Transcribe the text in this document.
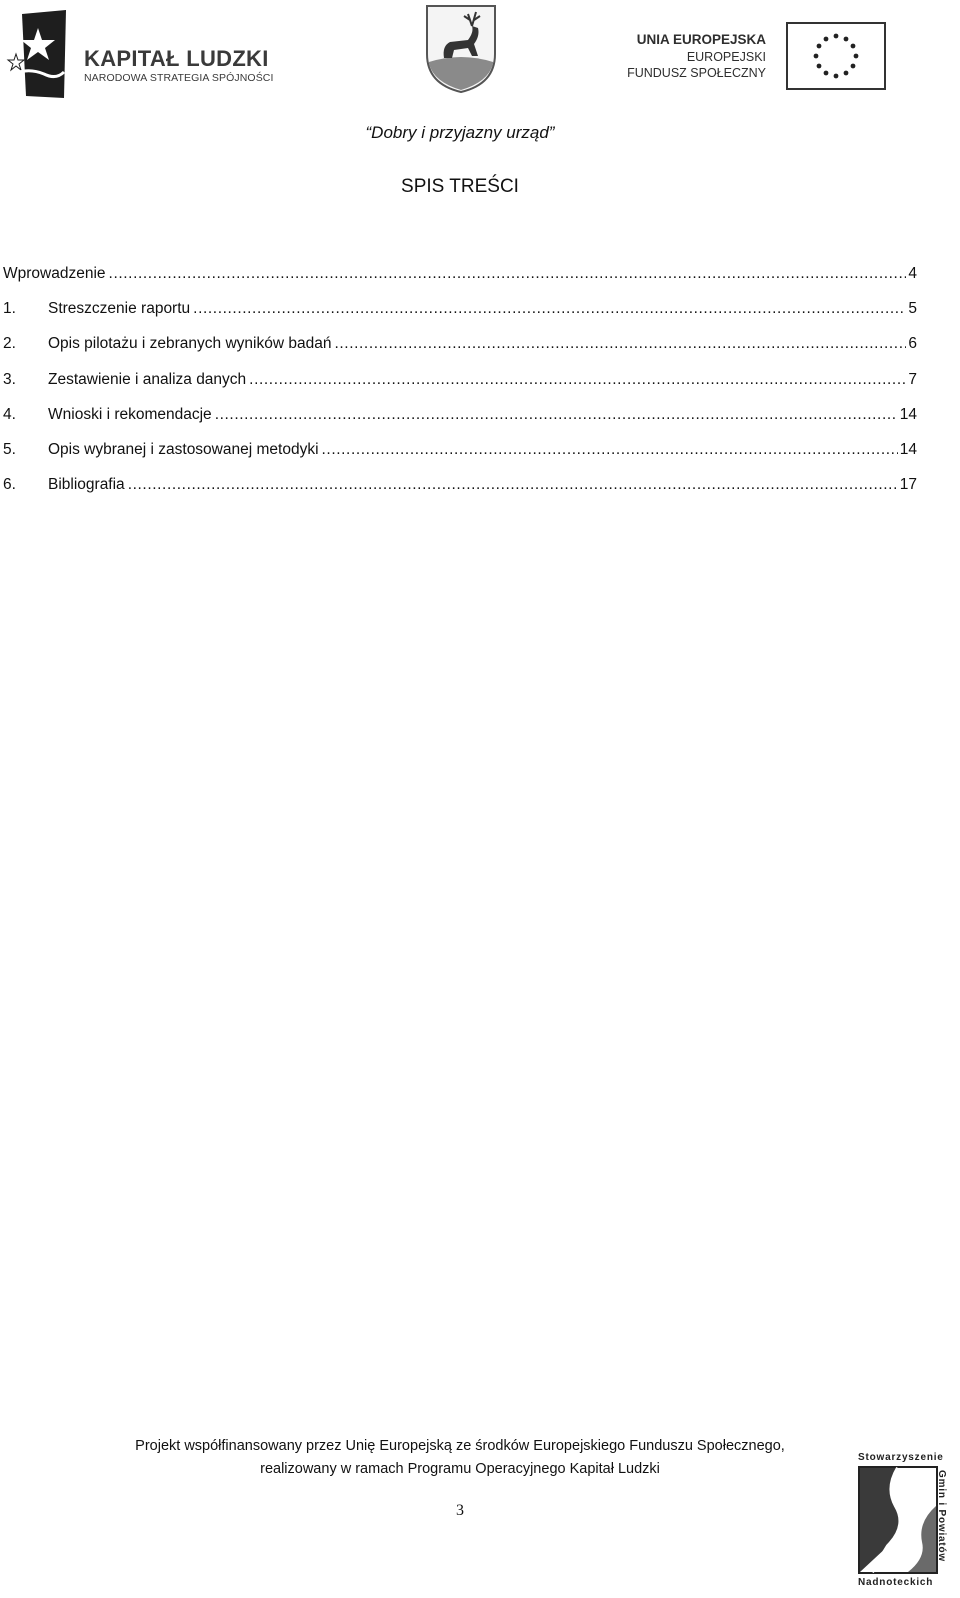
KAPITAŁ LUDZKI
NARODOWA STRATEGIA SPÓJNOŚCI
UNIA EUROPEJSKA
EUROPEJSKI
FUNDUSZ SPOŁECZNY
“Dobry i przyjazny urząd”
SPIS TREŚCI
Wprowadzenie .....	4
1.	Streszczenie raportu .....	5
2.	Opis pilotażu i zebranych wyników badań .....	6
3.	Zestawienie i analiza danych .....	7
4.	Wnioski i rekomendacje .....	14
5.	Opis wybranej i zastosowanej metodyki .....	14
6.	Bibliografia .....	17
Projekt współfinansowany przez Unię Europejską ze środków Europejskiego Funduszu Społecznego,
realizowany w ramach Programu Operacyjnego Kapitał Ludzki
3
Stowarzyszenie
Gmin i Powiatów
Nadnoteckich
